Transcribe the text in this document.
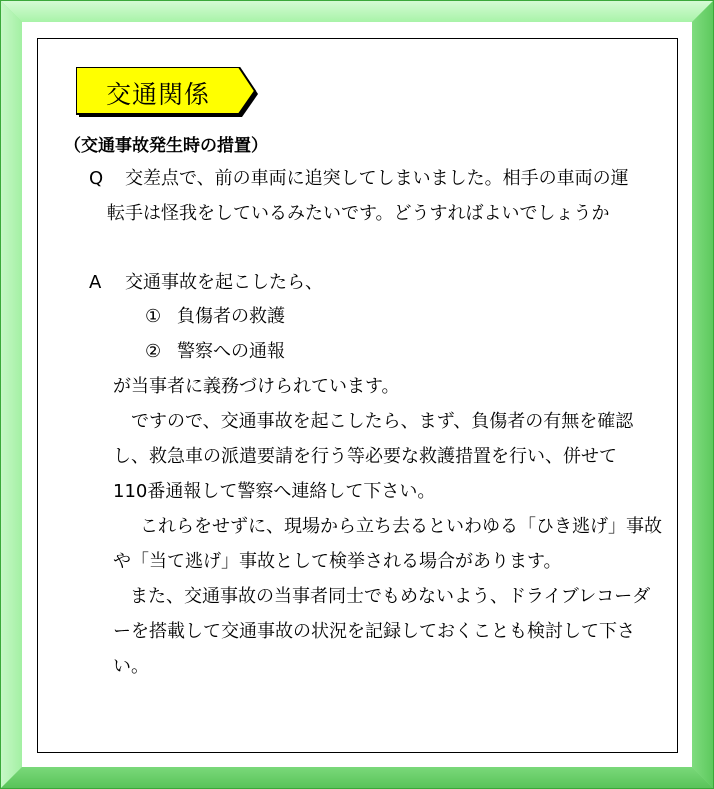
交通関係
（交通事故発生時の措置）
Q 交差点で、前の車両に追突してしまいました。相手の車両の運
転手は怪我をしているみたいです。どうすればよいでしょうか
A 交通事故を起こしたら、
① 負傷者の救護
② 警察への通報
が当事者に義務づけられています。
ですので、交通事故を起こしたら、まず、負傷者の有無を確認
し、救急車の派遣要請を行う等必要な救護措置を行い、併せて
110番通報して警察へ連絡して下さい。
これらをせずに、現場から立ち去るといわゆる「ひき逃げ」事故
や「当て逃げ」事故として検挙される場合があります。
また、交通事故の当事者同士でもめないよう、ドライブレコーダ
ーを搭載して交通事故の状況を記録しておくことも検討して下さ
い。
